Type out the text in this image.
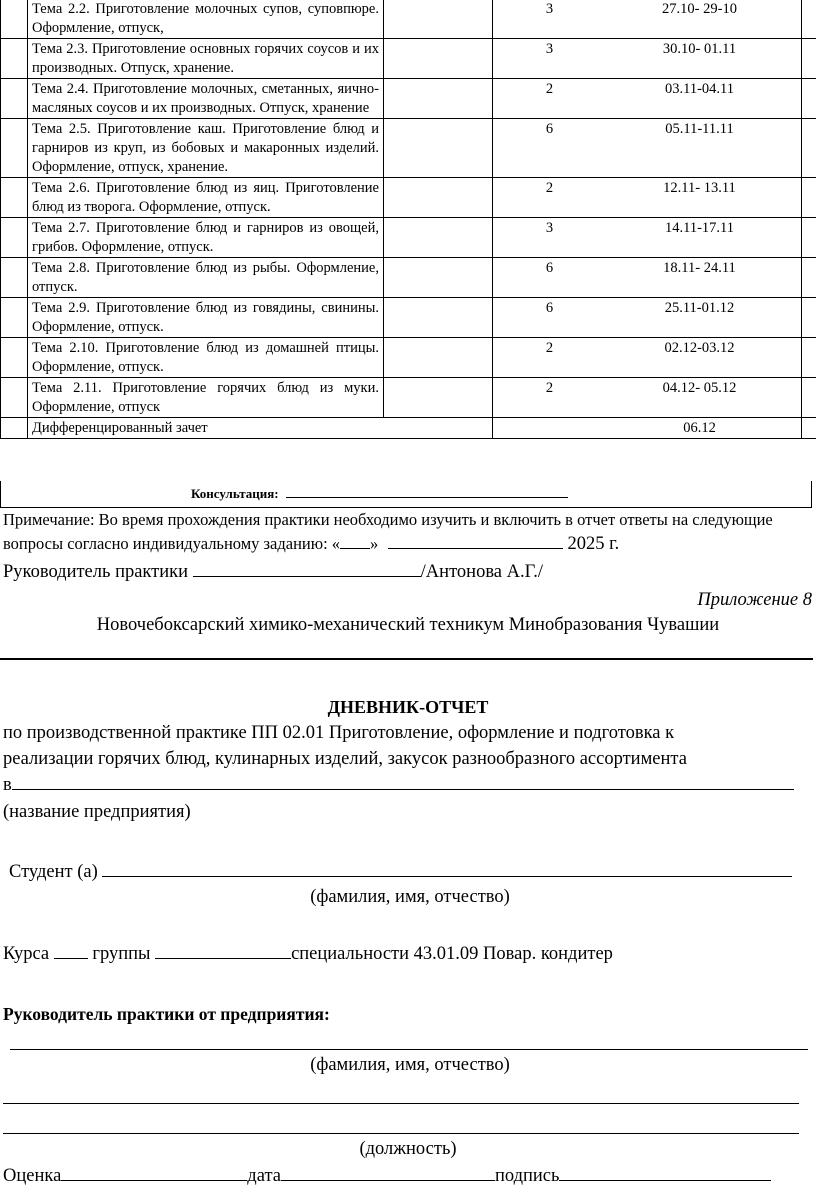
	Тема 2.2. Приготовление молочных супов, суповпюре. Оформление, отпуск,		3 27.10- 29-10	

	Тема 2.3. Приготовление основных горячих соусов и их производных. Отпуск, хранение.		3 30.10- 01.11	

	Тема 2.4. Приготовление молочных, сметанных, яично-масляных соусов и их производных. Отпуск, хранение		2 03.11-04.11	

	Тема 2.5. Приготовление каш. Приготовление блюд и гарниров из круп, из бобовых и макаронных изделий. Оформление, отпуск, хранение.		6 05.11-11.11	

	Тема 2.6. Приготовление блюд из яиц. Приготовление блюд из творога. Оформление, отпуск.		2 12.11- 13.11	

	Тема 2.7. Приготовление блюд и гарниров из овощей, грибов. Оформление, отпуск.		3 14.11-17.11	

	Тема 2.8. Приготовление блюд из рыбы. Оформление, отпуск.		6 18.11- 24.11	

	Тема 2.9. Приготовление блюд из говядины, свинины. Оформление, отпуск.		6 25.11-01.12	

	Тема 2.10. Приготовление блюд из домашней птицы. Оформление, отпуск.		2 02.12-03.12	

	Тема 2.11. Приготовление горячих блюд из муки. Оформление, отпуск		2 04.12- 05.12	

	Дифференцированный зачет		06.12	

Консультация:
Примечание: Во время прохождения практики необходимо изучить и включить в отчет ответы на следующие
вопросы согласно индивидуальному заданию: « »	2025 г.
Руководитель практики	/Антонова А.Г./
Приложение 8
Новочебоксарский химико-механический техникум Минобразования Чувашии
ДНЕВНИК-ОТЧЕТ
по производственной практике ПП 02.01 Приготовление, оформление и подготовка к
реализации горячих блюд, кулинарных изделий, закусок разнообразного ассортимента
в
(название предприятия)
Студент (а)
(фамилия, имя, отчество)
Курса группы	специальности 43.01.09 Повар. кондитер
Руководитель практики от предприятия:
(фамилия, имя, отчество)
(должность)
Оценка	дата	подпись
